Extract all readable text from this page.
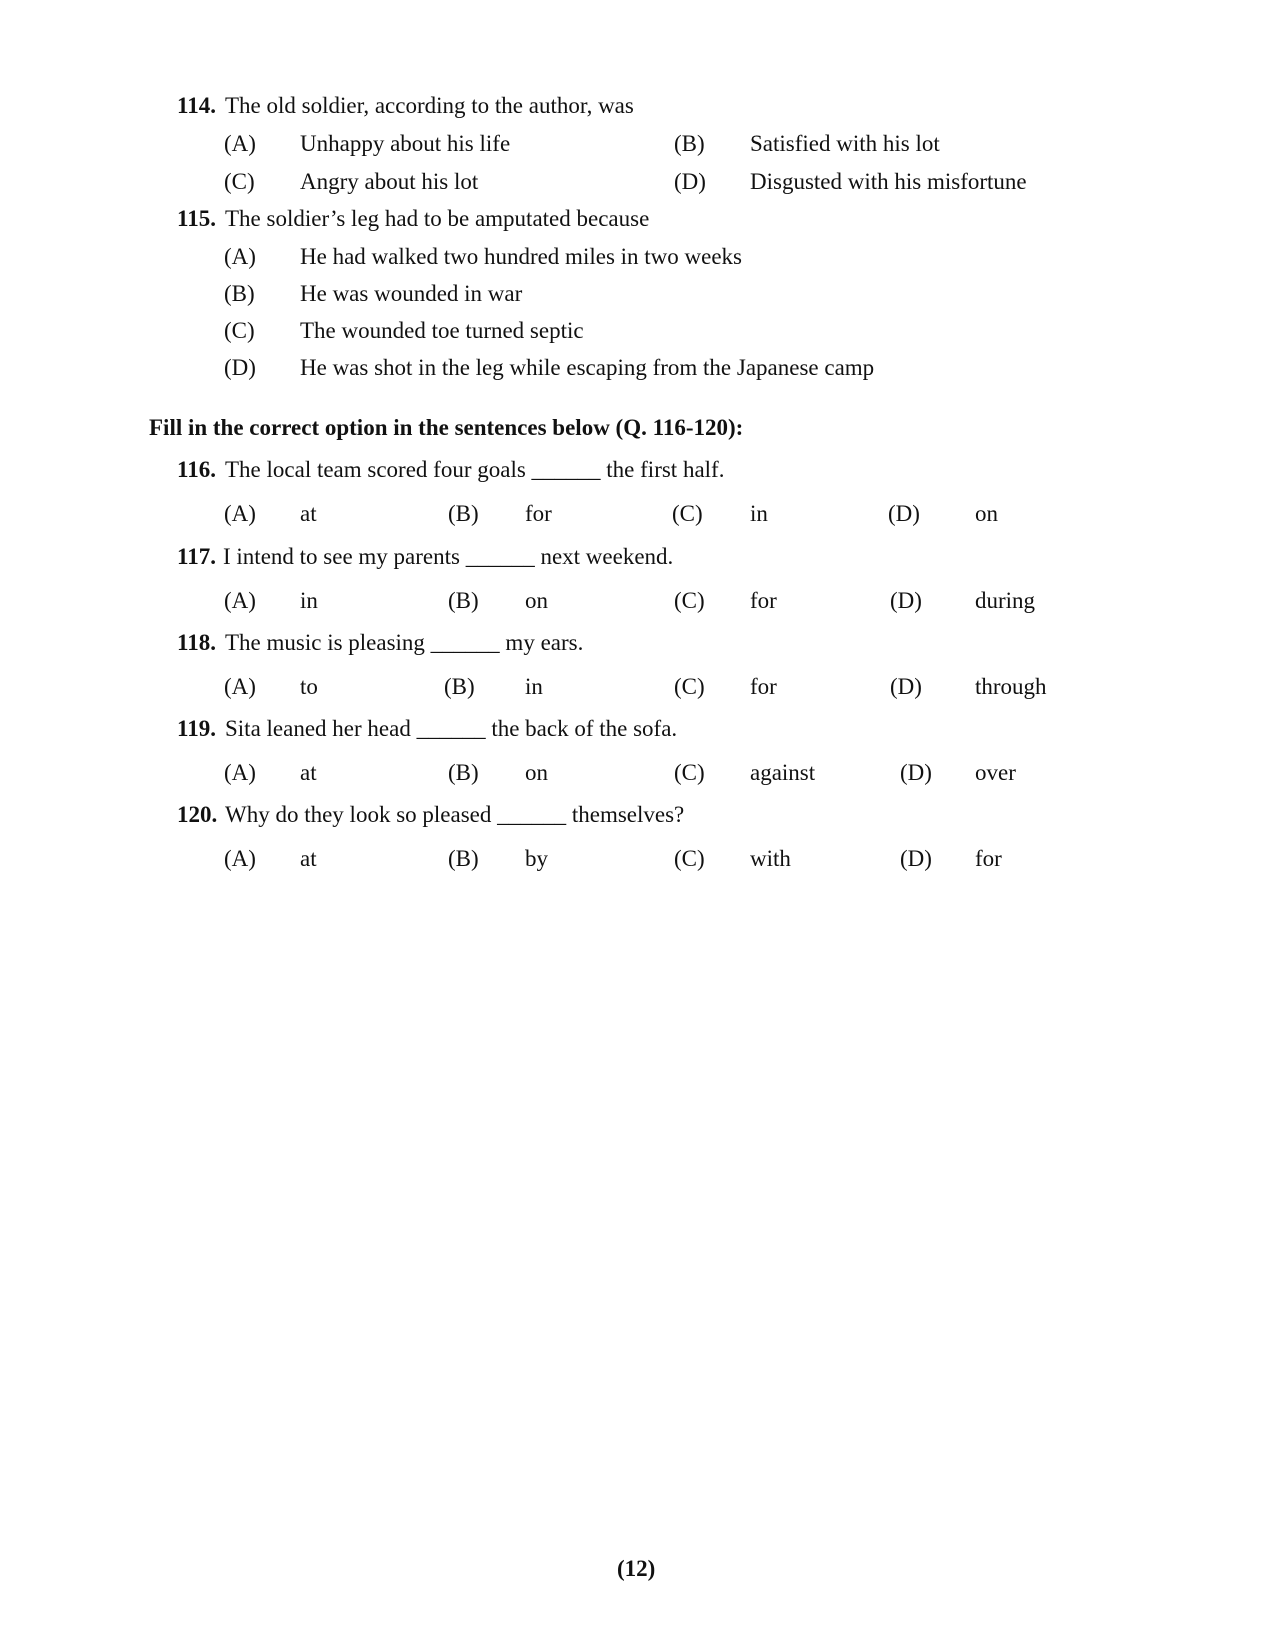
114. The old soldier, according to the author, was
(A) Unhappy about his life	(B) Satisfied with his lot
(C) Angry about his lot	(D) Disgusted with his misfortune
115. The soldier’s leg had to be amputated because
(A) He had walked two hundred miles in two weeks
(B) He was wounded in war
(C) The wounded toe turned septic
(D) He was shot in the leg while escaping from the Japanese camp
Fill in the correct option in the sentences below (Q. 116-120):
116. The local team scored four goals ______ the first half.
(A) at	(B) for	(C) in	(D) on
117. I intend to see my parents ______ next weekend.
(A) in	(B) on	(C) for	(D) during
118. The music is pleasing ______ my ears.
(A) to	(B) in	(C) for	(D) through
119. Sita leaned her head ______ the back of the sofa.
(A) at	(B) on	(C) against	(D) over
120. Why do they look so pleased ______ themselves?
(A) at	(B) by	(C) with	(D) for
(12)
